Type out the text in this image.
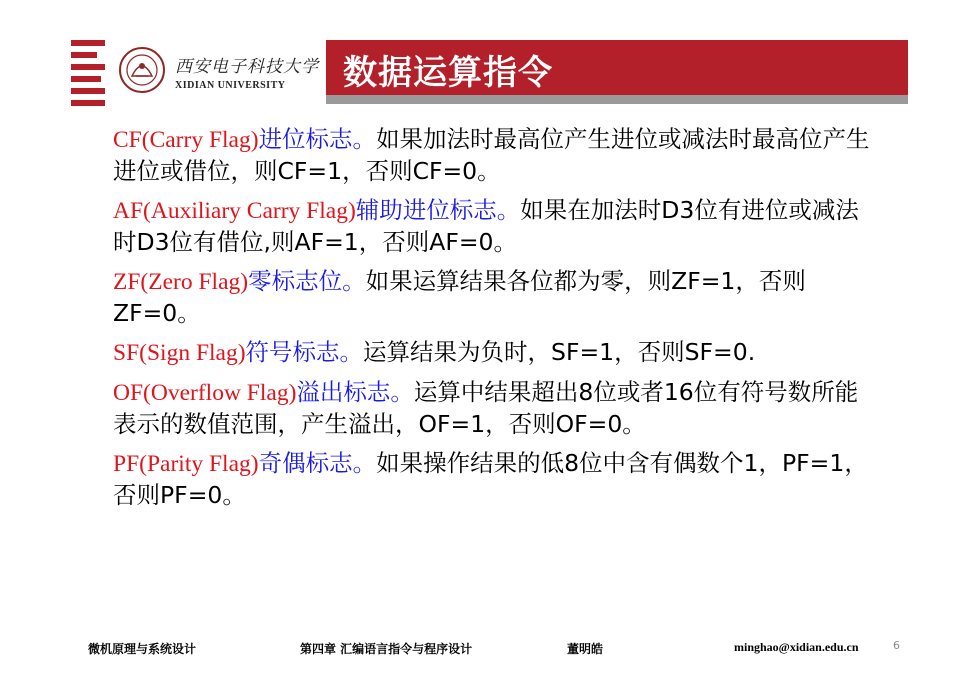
西安电子科技大学
XIDIAN UNIVERSITY 数据运算指令
CF(Carry Flag)进位标志。如果加法时最高位产生进位或减法时最高位产生进位或借位，则CF=1，否则CF=0。
AF(Auxiliary Carry Flag)辅助进位标志。如果在加法时D3位有进位或减法时D3位有借位,则AF=1，否则AF=0。
ZF(Zero Flag)零标志位。如果运算结果各位都为零，则ZF=1，否则ZF=0。
SF(Sign Flag)符号标志。运算结果为负时，SF=1，否则SF=0.
OF(Overflow Flag)溢出标志。运算中结果超出8位或者16位有符号数所能表示的数值范围，产生溢出，OF=1，否则OF=0。
PF(Parity Flag)奇偶标志。如果操作结果的低8位中含有偶数个1，PF=1，否则PF=0。
微机原理与系统设计	第四章 汇编语言指令与程序设计	董明皓	minghao@xidian.edu.cn	6
